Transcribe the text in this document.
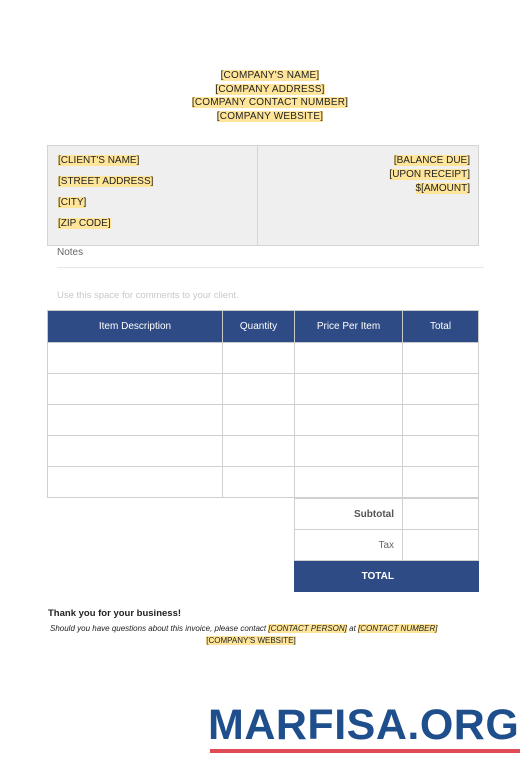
[COMPANY'S NAME]
[COMPANY ADDRESS]
[COMPANY CONTACT NUMBER]
[COMPANY WEBSITE]
[CLIENT'S NAME]
[STREET ADDRESS]
[CITY]
[ZIP CODE]
[BALANCE DUE]
[UPON RECEIPT]
$[AMOUNT]
Notes
Use this space for comments to your client.
Item Description	Quantity	Price Per Item	Total

Subtotal	
Tax	
TOTAL	
Thank you for your business!
Should you have questions about this invoice, please contact [CONTACT PERSON] at [CONTACT NUMBER]
[COMPANY'S WEBSITE]
MARFISA.ORG
